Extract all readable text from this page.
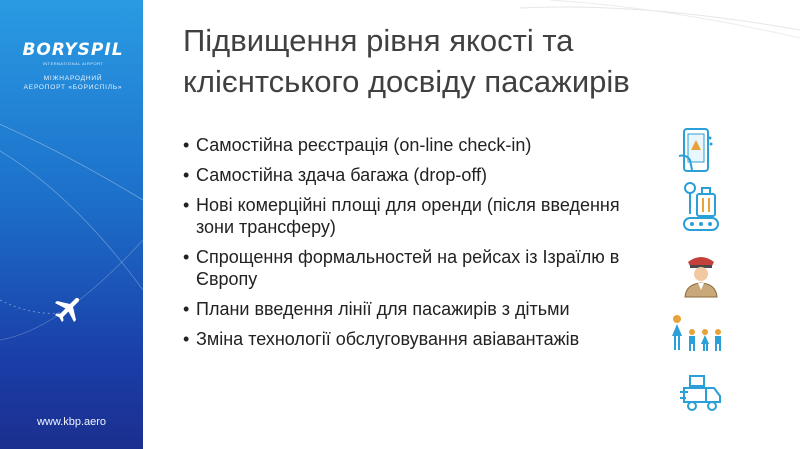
BORYSPIL
INTERNATIONAL AIRPORT
МІЖНАРОДНИЙ
АЕРОПОРТ «БОРИСПІЛЬ»
www.kbp.aero
Підвищення рівня якості та
клієнтського досвіду пасажирів
• Самостійна реєстрація (on-line check-in)
• Самостійна здача багажа (drop-off)
• Нові комерційні площі для оренди (після введення зони трансферу)
• Спрощення формальностей на рейсах із Ізраїлю в Європу
• Плани введення лінії для пасажирів з дітьми
• Зміна технології обслуговування авіавантажів
